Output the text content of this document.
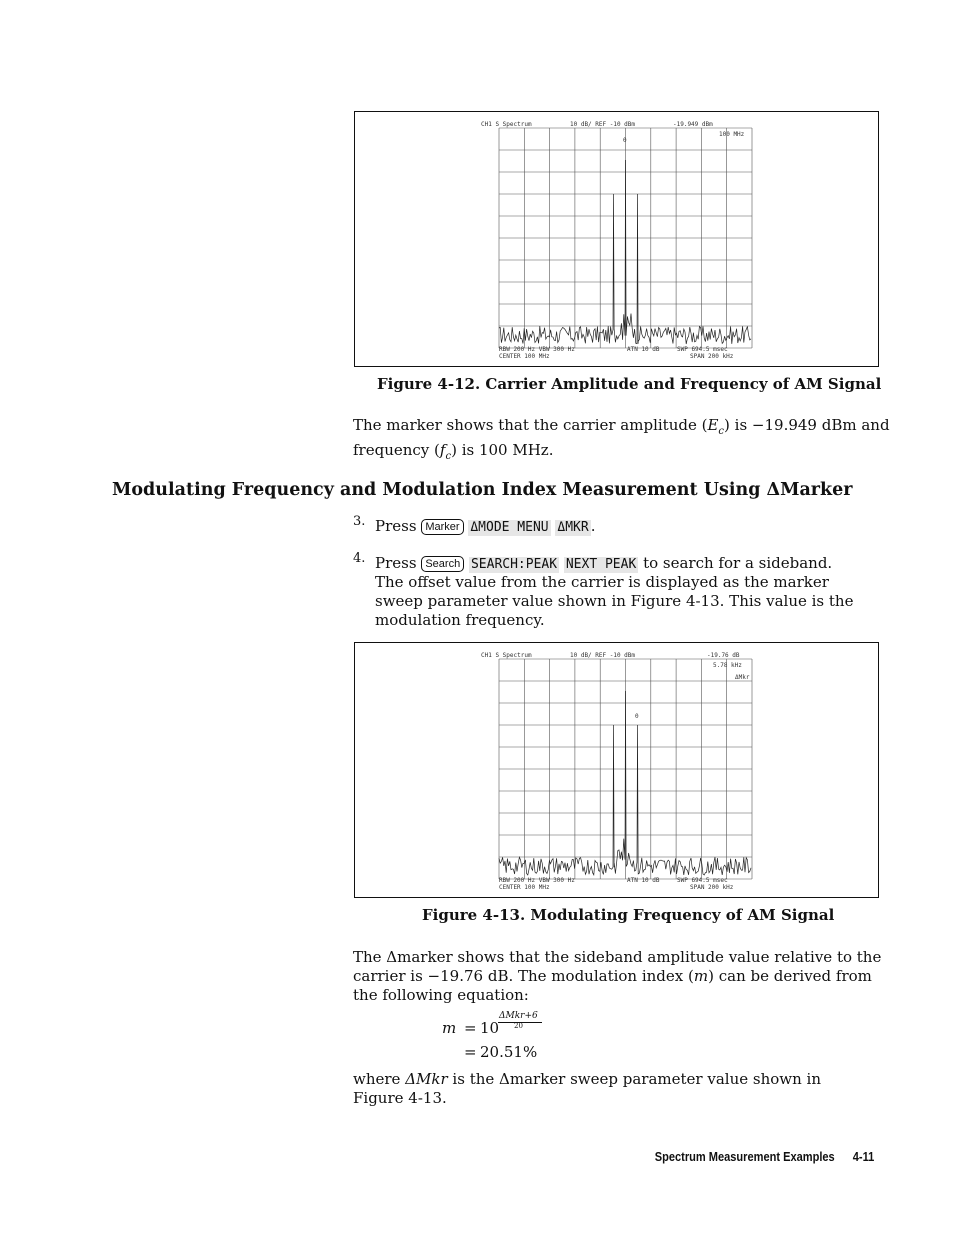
CH1 S Spectrum	10 dB/ REF -10 dBm	-19.949 dBm
100 MHz
0
RBW 200 Hz VBW 300 Hz	ATN 10 dB	SWP 694.5 msec
CENTER 100 MHz	SPAN 200 kHz
Figure 4-12. Carrier Amplitude and Frequency of AM Signal
The marker shows that the carrier amplitude $(E_c)$ is −19.949 dBm and
frequency $(f_c)$ is 100 MHz.
Modulating Frequency and Modulation Index Measurement Using ΔMarker
3. Press Marker ΔMODE MENU ΔMKR .
4. Press Search SEARCH:PEAK NEXT PEAK to search for a sideband.
The offset value from the carrier is displayed as the marker
sweep parameter value shown in Figure 4-13. This value is the
modulation frequency.
CH1 S Spectrum	10 dB/ REF -10 dBm	-19.76 dB
5.78 kHz
ΔMkr
0
RBW 200 Hz VBW 300 Hz	ATN 10 dB	SWP 694.5 msec
CENTER 100 MHz	SPAN 200 kHz
Figure 4-13. Modulating Frequency of AM Signal
The Δmarker shows that the sideband amplitude value relative to the
carrier is −19.76 dB. The modulation index (m) can be derived from
the following equation:
m = 10
ΔMkr+6
20
= 20.51%
where ΔMkr is the Δmarker sweep parameter value shown in
Figure 4-13.
Spectrum Measurement Examples 4-11
